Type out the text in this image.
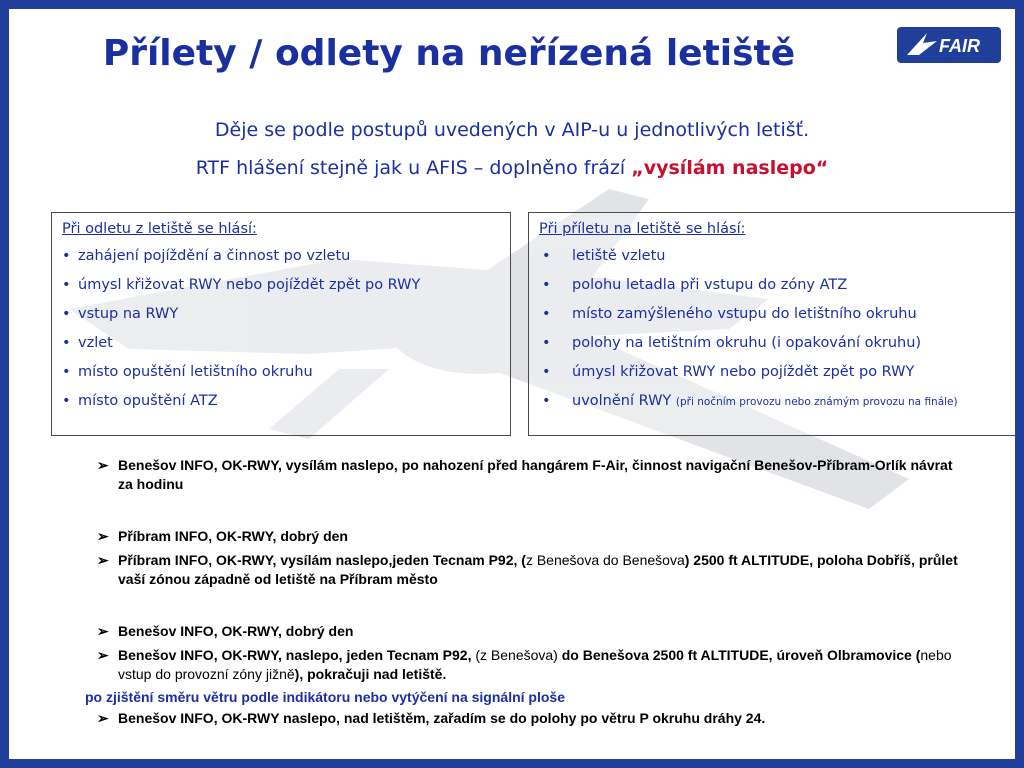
FAIR
Přílety / odlety na neřízená letiště
Děje se podle postupů uvedených v AIP-u u jednotlivých letišť.
RTF hlášení stejně jak u AFIS – doplněno frází „vysílám naslepo“
Při odletu z letiště se hlásí:
• zahájení pojíždění a činnost po vzletu
• úmysl křižovat RWY nebo pojíždět zpět po RWY
• vstup na RWY
• vzlet
• místo opuštění letištního okruhu
• místo opuštění ATZ
Při příletu na letiště se hlásí:
• letiště vzletu
• polohu letadla při vstupu do zóny ATZ
• místo zamýšleného vstupu do letištního okruhu
• polohy na letištním okruhu (i opakování okruhu)
• úmysl křižovat RWY nebo pojíždět zpět po RWY
• uvolnění RWY (při nočním provozu nebo známým provozu na finále)
➢ Benešov INFO, OK-RWY, vysílám naslepo, po nahození před hangárem F-Air, činnost navigační Benešov-Příbram-Orlík návrat za hodinu
➢ Příbram INFO, OK-RWY, dobrý den
➢ Příbram INFO, OK-RWY, vysílám naslepo,jeden Tecnam P92, (z Benešova do Benešova) 2500 ft ALTITUDE, poloha Dobříš, průlet vaší zónou západně od letiště na Příbram město
➢ Benešov INFO, OK-RWY, dobrý den
➢ Benešov INFO, OK-RWY, naslepo, jeden Tecnam P92, (z Benešova) do Benešova 2500 ft ALTITUDE, úroveň Olbramovice (nebo vstup do provozní zóny jižně), pokračuji nad letiště.
po zjištění směru větru podle indikátoru nebo vytýčení na signální ploše
➢ Benešov INFO, OK-RWY naslepo, nad letištěm, zařadím se do polohy po větru P okruhu dráhy 24.
